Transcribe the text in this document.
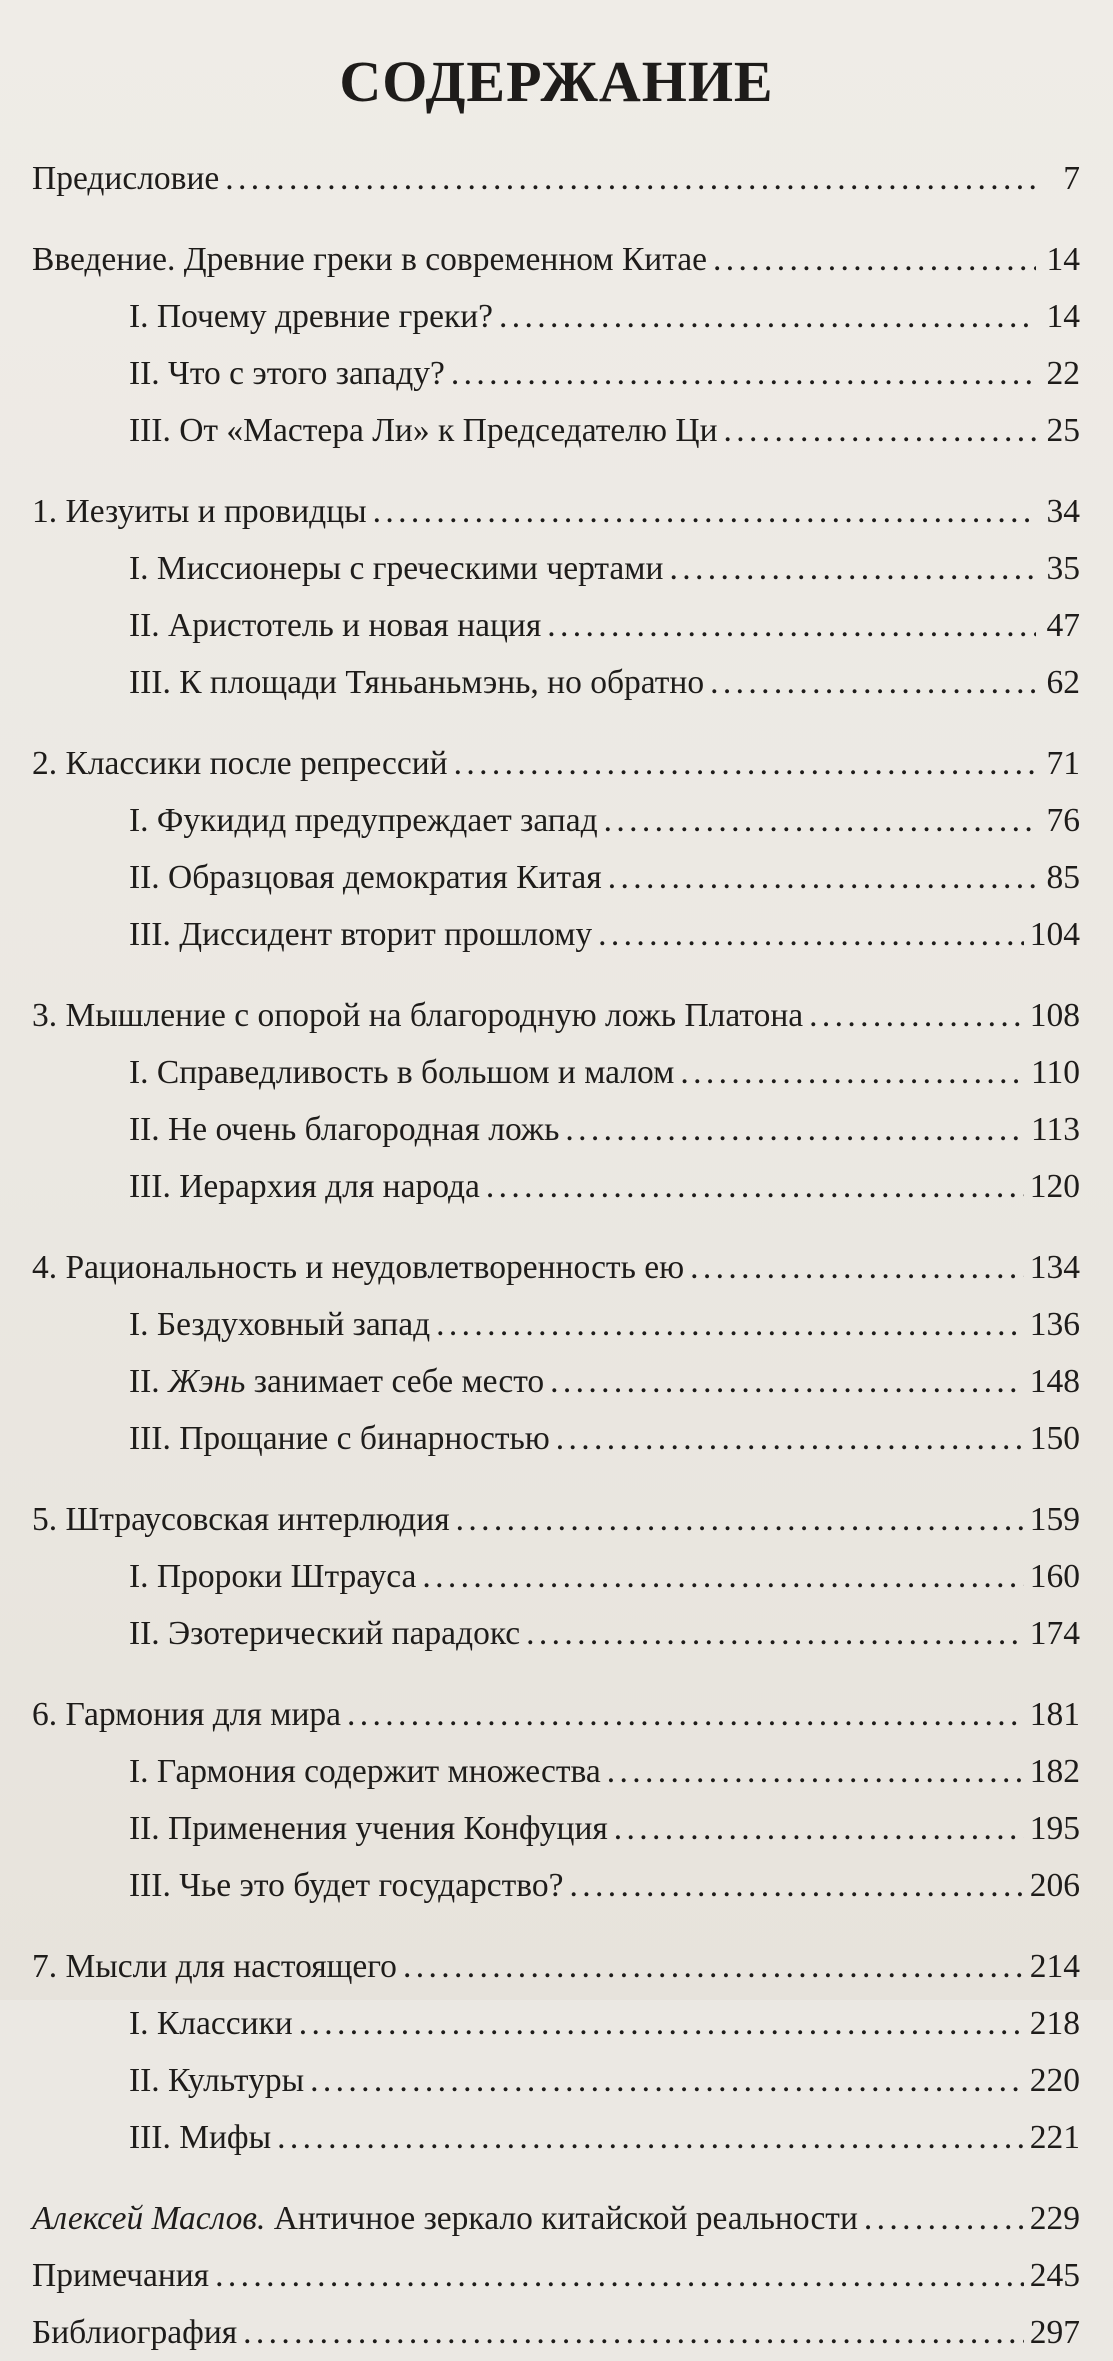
СОДЕРЖАНИЕ
Предисловие . . .	7
Введение. Древние греки в современном Китае . . .	14
I. Почему древние греки? . . .	14
II. Что с этого западу? . . .	22
III. От «Мастера Ли» к Председателю Ци . . .	25
1. Иезуиты и провидцы . . .	34
I. Миссионеры с греческими чертами . . .	35
II. Аристотель и новая нация . . .	47
III. К площади Тяньаньмэнь, но обратно . . .	62
2. Классики после репрессий . . .	71
I. Фукидид предупреждает запад . . .	76
II. Образцовая демократия Китая . . .	85
III. Диссидент вторит прошлому . . .	104
3. Мышление с опорой на благородную ложь Платона . . .	108
I. Справедливость в большом и малом . . .	110
II. Не очень благородная ложь . . .	113
III. Иерархия для народа . . .	120
4. Рациональность и неудовлетворенность ею . . .	134
I. Бездуховный запад . . .	136
II. Жэнь занимает себе место . . .	148
III. Прощание с бинарностью . . .	150
5. Штраусовская интерлюдия . . .	159
I. Пророки Штрауса . . .	160
II. Эзотерический парадокс . . .	174
6. Гармония для мира . . .	181
I. Гармония содержит множества . . .	182
II. Применения учения Конфуция . . .	195
III. Чье это будет государство? . . .	206
7. Мысли для настоящего . . .	214
I. Классики . . .	218
II. Культуры . . .	220
III. Мифы . . .	221
Алексей Маслов. Античное зеркало китайской реальности . . .	229
Примечания . . .	245
Библиография . . .	297
